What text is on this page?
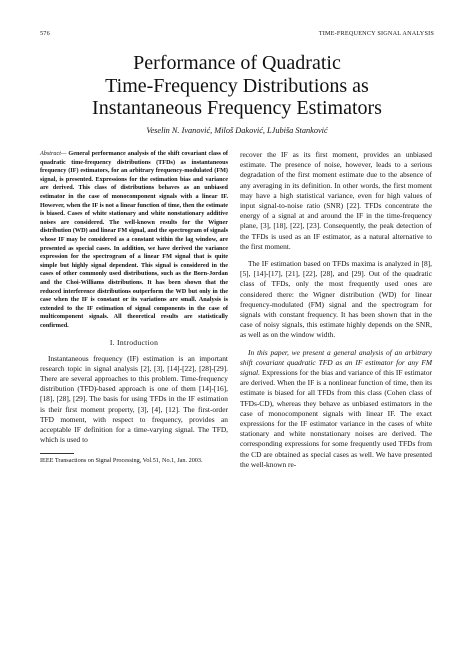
576	TIME-FREQUENCY SIGNAL ANALYSIS
Performance of Quadratic
Time-Frequency Distributions as
Instantaneous Frequency Estimators
Veselin N. Ivanović, Miloš Daković, LJubiša Stanković
Abstract— General performance analysis of the shift covariant class of quadratic time-frequency distributions (TFDs) as instantaneous frequency (IF) estimators, for an arbitrary frequency-modulated (FM) signal, is presented. Expressions for the estimation bias and variance are derived. This class of distributions behaves as an unbiased estimator in the case of monocomponent signals with a linear IF. However, when the IF is not a linear function of time, then the estimate is biased. Cases of white stationary and white nonstationary additive noises are considered. The well-known results for the Wigner distribution (WD) and linear FM signal, and the spectrogram of signals whose IF may be considered as a constant within the lag window, are presented as special cases. In addition, we have derived the variance expression for the spectrogram of a linear FM signal that is quite simple but highly signal dependent. This signal is considered in the cases of other commonly used distributions, such as the Born-Jordan and the Choi-Williams distributions. It has been shown that the reduced interference distributions outperform the WD but only in the case when the IF is constant or its variations are small. Analysis is extended to the IF estimation of signal components in the case of multicomponent signals. All theoretical results are statistically confirmed.
I. Introduction

Instantaneous frequency (IF) estimation is an important research topic in signal analysis [2], [3], [14]-[22], [28]-[29]. There are several approaches to this problem. Time-frequency distribution (TFD)-based approach is one of them [14]-[16], [18], [28], [29]. The basis for using TFDs in the IF estimation is their first moment property, [3], [4], [12]. The first-order TFD moment, with respect to frequency, provides an acceptable IF definition for a time-varying signal. The TFD, which is used to

IEEE Transactions on Signal Processing, Vol.51, No.1, Jan. 2003.

recover the IF as its first moment, provides an unbiased estimate. The presence of noise, however, leads to a serious degradation of the first moment estimate due to the absence of any averaging in its definition. In other words, the first moment may have a high statistical variance, even for high values of input signal-to-noise ratio (SNR) [22]. TFDs concentrate the energy of a signal at and around the IF in the time-frequency plane, [3], [18], [22], [23]. Consequently, the peak detection of the TFDs is used as an IF estimator, as a natural alternative to the first moment.

The IF estimation based on TFDs maxima is analyzed in [8], [5], [14]-[17], [21], [22], [28], and [29]. Out of the quadratic class of TFDs, only the most frequently used ones are considered there: the Wigner distribution (WD) for linear frequency-modulated (FM) signal and the spectrogram for signals with constant frequency. It has been shown that in the case of noisy signals, this estimate highly depends on the SNR, as well as on the window width.

In this paper, we present a general analysis of an arbitrary shift covariant quadratic TFD as an IF estimator for any FM signal. Expressions for the bias and variance of this IF estimator are derived. When the IF is a nonlinear function of time, then its estimate is biased for all TFDs from this class (Cohen class of TFDs-CD), whereas they behave as unbiased estimators in the case of monocomponent signals with linear IF. The exact expressions for the IF estimator variance in the cases of white stationary and white nonstationary noises are derived. The corresponding expressions for some frequently used TFDs from the CD are obtained as special cases as well. We have presented the well-known re-
